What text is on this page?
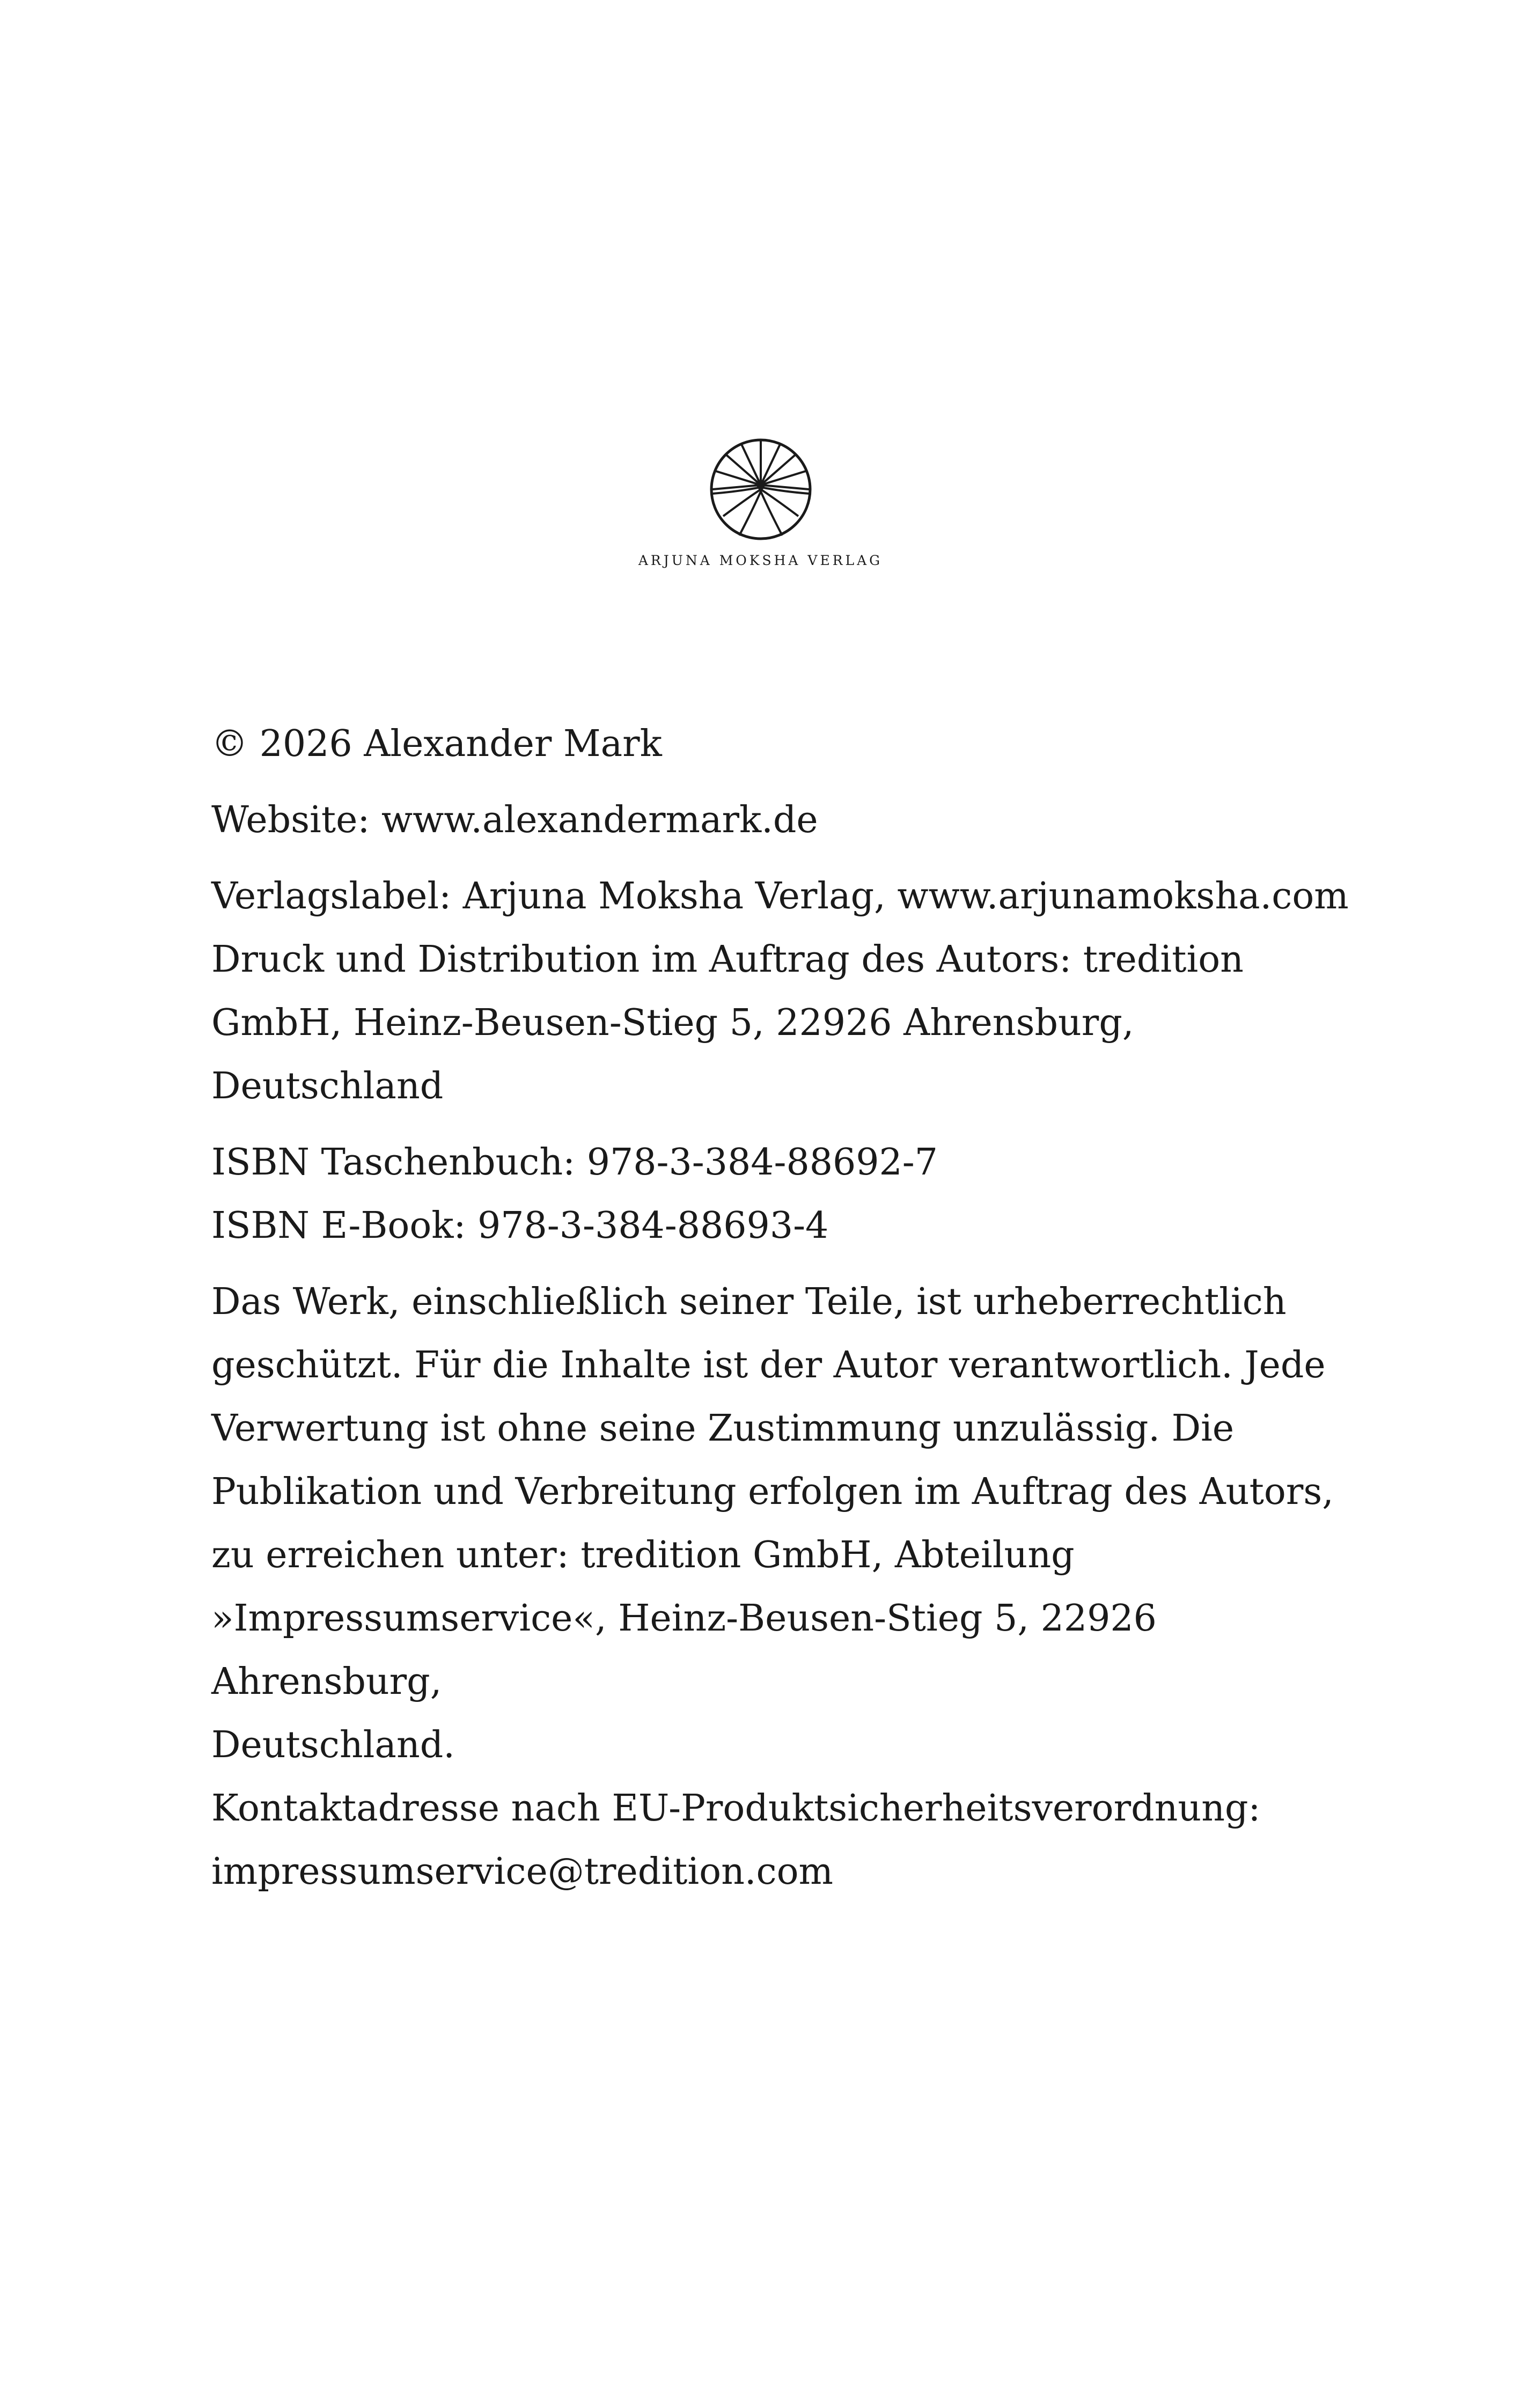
ARJUNA MOKSHA VERLAG

© 2026 Alexander Mark

Website: www.alexandermark.de

Verlagslabel: Arjuna Moksha Verlag, www.arjunamoksha.com

Druck und Distribution im Auftrag des Autors: tredition

GmbH, Heinz-Beusen-Stieg 5, 22926 Ahrensburg, Deutschland

ISBN Taschenbuch: 978-3-384-88692-7

ISBN E-Book: 978-3-384-88693-4

Das Werk, einschließlich seiner Teile, ist urheberrechtlich

geschützt. Für die Inhalte ist der Autor verantwortlich. Jede

Verwertung ist ohne seine Zustimmung unzulässig. Die

Publikation und Verbreitung erfolgen im Auftrag des Autors,

zu erreichen unter: tredition GmbH, Abteilung

»Impressumservice«, Heinz-Beusen-Stieg 5, 22926 Ahrensburg,

Deutschland.

Kontaktadresse nach EU-Produktsicherheitsverordnung:

impressumservice@tredition.com
